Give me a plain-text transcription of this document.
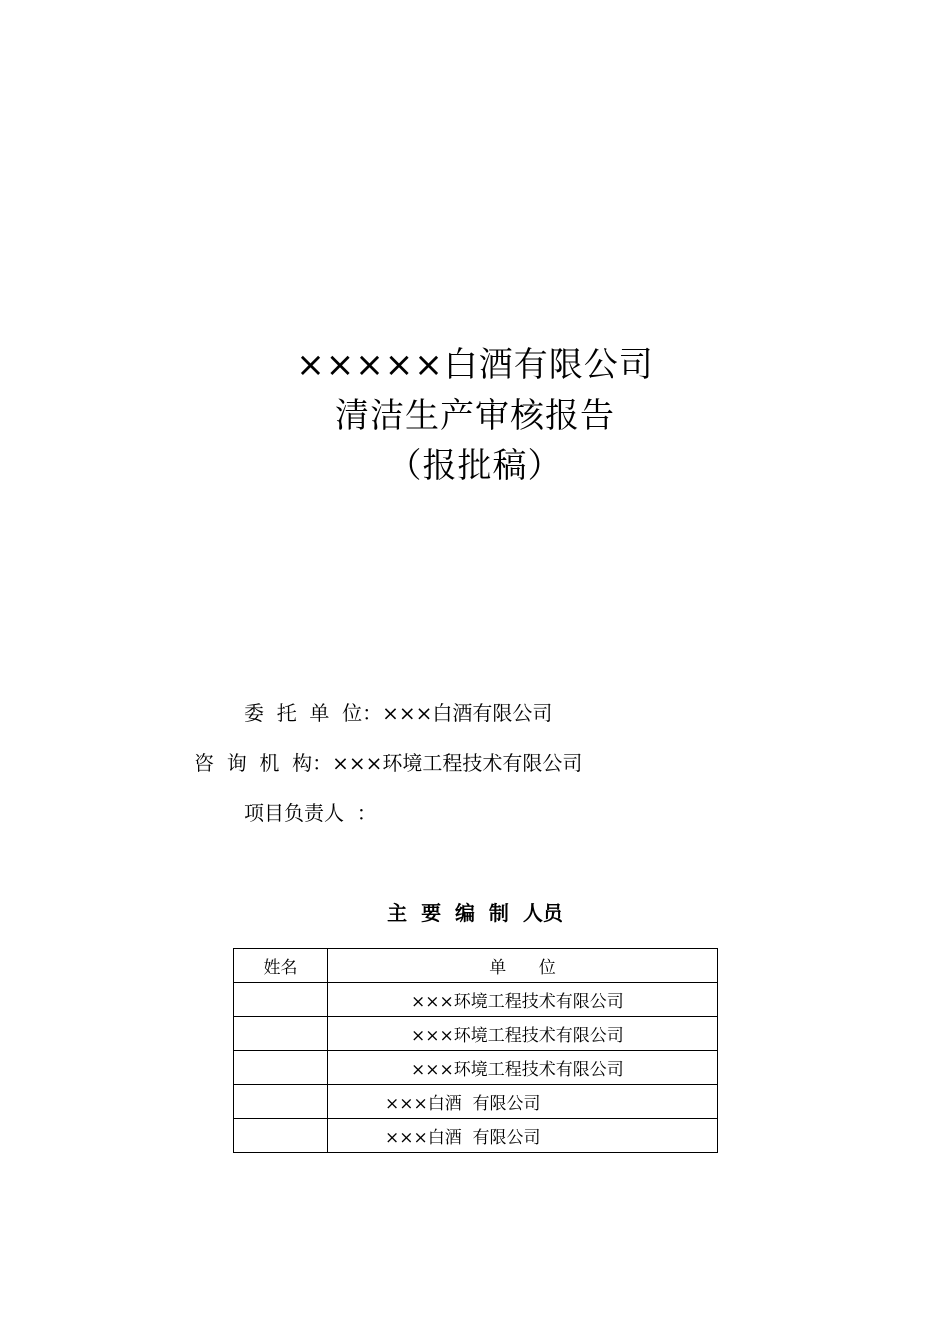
×××××白酒有限公司
清洁生产审核报告
（报批稿）
委  托  单  位：×××白酒有限公司
咨  询  机  构：×××环境工程技术有限公司
项目负责人  ：
主  要  编  制  人员
姓名	单      位
	×××环境工程技术有限公司
	×××环境工程技术有限公司
	×××环境工程技术有限公司
	×××白酒  有限公司
	×××白酒  有限公司
